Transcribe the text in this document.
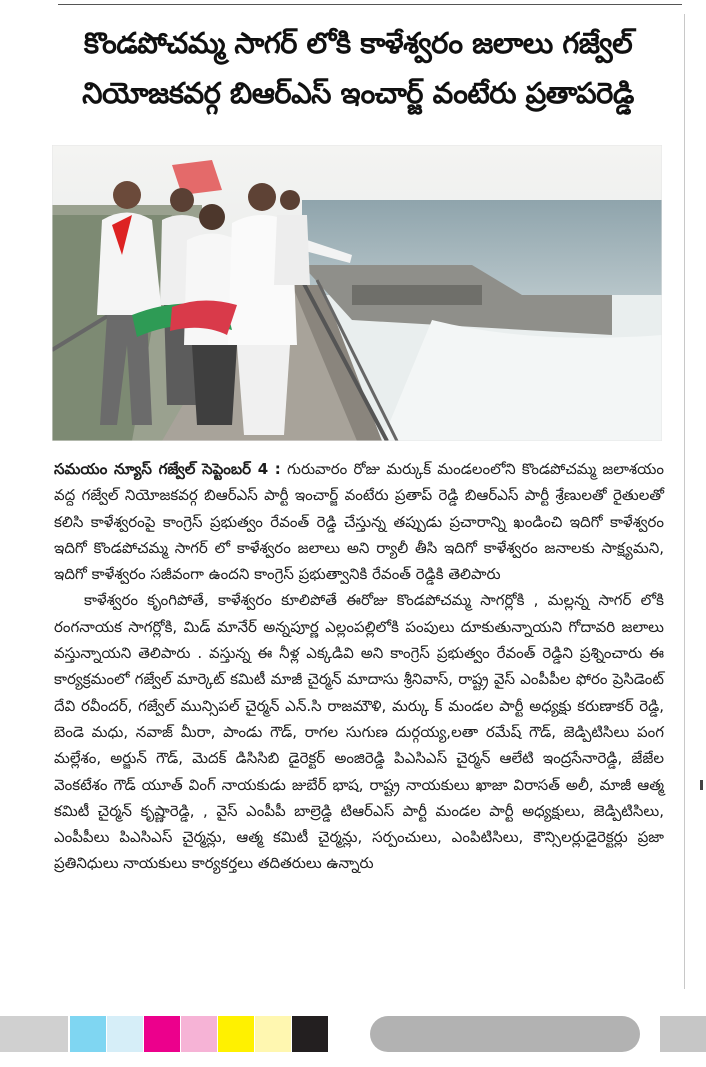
కొండపోచమ్మ సాగర్ లోకి కాళేశ్వరం జలాలు గజ్వేల్
నియోజకవర్గ బిఆర్ఎస్ ఇంచార్జ్ వంటేరు ప్రతాపరెడ్డి

సమయం న్యూస్ గజ్వేల్ సెప్టెంబర్ 4 : గురువారం రోజు మర్కుక్ మండలంలోని కొండపోచమ్మ జలాశయం వద్ద గజ్వేల్ నియోజకవర్గ బిఆర్ఎస్ పార్టీ ఇంచార్జ్ వంటేరు ప్రతాప్ రెడ్డి బిఆర్ఎస్ పార్టీ శ్రేణులతో రైతులతో కలిసి కాళేశ్వరంపై కాంగ్రెస్ ప్రభుత్వం రేవంత్ రెడ్డి చేస్తున్న తప్పుడు ప్రచారాన్ని ఖండించి ఇదిగో కాళేశ్వరం ఇదిగో కొండపోచమ్మ సాగర్ లో కాళేశ్వరం జలాలు అని ర్యాలీ తీసి ఇదిగో కాళేశ్వరం జనాలకు సాక్ష్యమని, ఇదిగో కాళేశ్వరం సజీవంగా ఉందని కాంగ్రెస్ ప్రభుత్వానికి రేవంత్ రెడ్డికి తెలిపారు

కాళేశ్వరం కృంగిపోతే, కాళేశ్వరం కూలిపోతే ఈరోజు కొండపోచమ్మ సాగర్లోకి , మల్లన్న సాగర్ లోకి రంగనాయక సాగర్లోకి, మిడ్ మానేర్ అన్నపూర్ణ ఎల్లంపల్లిలోకి పంపులు దూకుతున్నాయని గోదావరి జలాలు వస్తున్నాయని తెలిపారు . వస్తున్న ఈ నీళ్ల ఎక్కడివి అని కాంగ్రెస్ ప్రభుత్వం రేవంత్ రెడ్డిని ప్రశ్నించారు ఈ కార్యక్రమంలో గజ్వేల్ మార్కెట్ కమిటీ మాజీ చైర్మన్ మాదాసు శ్రీనివాస్, రాష్ట్ర వైస్ ఎంపీపీల ఫోరం ప్రెసిడెంట్ దేవి రవీందర్, గజ్వేల్ మున్సిపల్ చైర్మన్ ఎన్.సి రాజమౌళి, మర్కు క్ మండల పార్టీ అధ్యక్షు కరుణాకర్ రెడ్డి, బెండె మధు, నవాజ్ మీరా, పాండు గౌడ్, రాగల సుగుణ దుర్గయ్య,లతా రమేష్ గౌడ్, జెడ్పిటిసిలు పంగ మల్లేశం, అర్జున్ గౌడ్, మెదక్ డిసిసిబి డైరెక్టర్ అంజిరెడ్డి పిఎసిఎస్ చైర్మన్ ఆలేటి ఇంద్రసేనారెడ్డి, జేజేల వెంకటేశం గౌడ్ యూత్ వింగ్ నాయకుడు జుబేర్ భాష, రాష్ట్ర నాయకులు ఖాజా విరాసత్ అలీ, మాజీ ఆత్మ కమిటీ చైర్మన్ కృష్ణారెడ్డి, , వైస్ ఎంపీపీ బాల్రెడ్డి టిఆర్ఎస్ పార్టీ మండల పార్టీ అధ్యక్షులు, జెడ్పిటిసిలు, ఎంపీపీలు పిఎసిఎస్ చైర్మన్లు, ఆత్మ కమిటీ చైర్మన్లు, సర్పంచులు, ఎంపిటిసిలు, కౌన్సిలర్లుడైరెక్టర్లు ప్రజా ప్రతినిధులు నాయకులు కార్యకర్తలు తదితరులు ఉన్నారు
